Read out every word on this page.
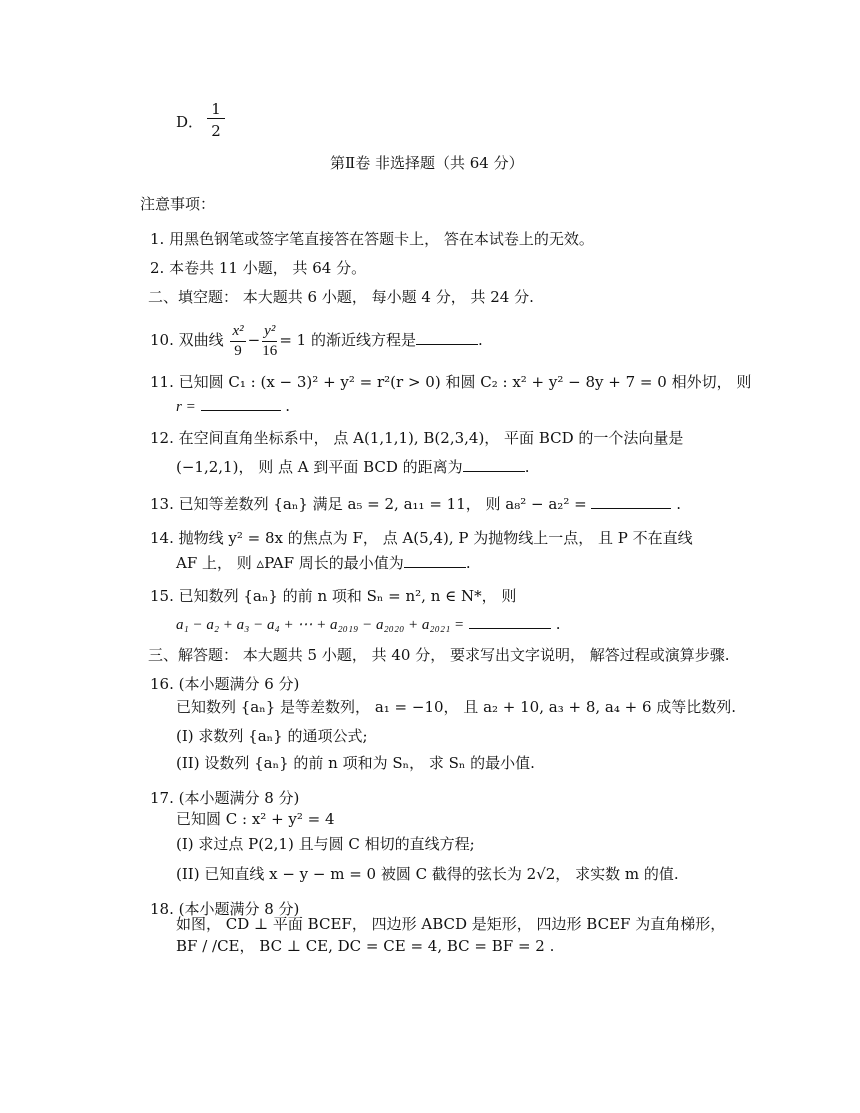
D． $\frac{1}{2}$
第Ⅱ卷 非选择题（共 64 分）
注意事项：
1. 用黑色钢笔或签字笔直接答在答题卡上， 答在本试卷上的无效。
2. 本卷共 11 小题， 共 64 分。
二、填空题： 本大题共 6 小题， 每小题 4 分， 共 24 分.
10. 双曲线 $\frac{\text{x²}}{9} - \frac{\text{y²}}{16} = 1$ 的渐近线方程是	.
11. 已知圆 C₁ : (x − 3)² + y² = r²(r > 0) 和圆 C₂ : x² + y² − 8y + 7 = 0 相外切， 则
r =	.
12. 在空间直角坐标系中， 点 A(1,1,1), B(2,3,4)， 平面 BCD 的一个法向量是
(−1,2,1)， 则 点 A 到平面 BCD 的距离为	.
13. 已知等差数列 {aₙ} 满足 a₅ = 2, a₁₁ = 11， 则 a₈² − a₂² =	.
14. 抛物线 y² = 8x 的焦点为 F， 点 A(5,4), P 为抛物线上一点， 且 P 不在直线
AF 上， 则 ▵PAF 周长的最小值为	.
15. 已知数列 {aₙ} 的前 n 项和 Sₙ = n², n ∈ N*， 则
a₁ − a₂ + a₃ − a₄ + ⋯ + a₂₀₁₉ − a₂₀₂₀ + a₂₀₂₁ =	.
三、解答题： 本大题共 5 小题， 共 40 分， 要求写出文字说明， 解答过程或演算步骤.
16. (本小题满分 6 分)
已知数列 {aₙ} 是等差数列， a₁ = −10， 且 a₂ + 10, a₃ + 8, a₄ + 6 成等比数列.
(I) 求数列 {aₙ} 的通项公式;
(II) 设数列 {aₙ} 的前 n 项和为 Sₙ， 求 Sₙ 的最小值.
17. (本小题满分 8 分)
已知圆 C : x² + y² = 4
(I) 求过点 P(2,1) 且与圆 C 相切的直线方程;
(II) 已知直线 x − y − m = 0 被圆 C 截得的弦长为 2√2， 求实数 m 的值.
18. (本小题满分 8 分)
如图， CD ⊥ 平面 BCEF， 四边形 ABCD 是矩形， 四边形 BCEF 为直角梯形，
BF / /CE， BC ⊥ CE, DC = CE = 4, BC = BF = 2 .
